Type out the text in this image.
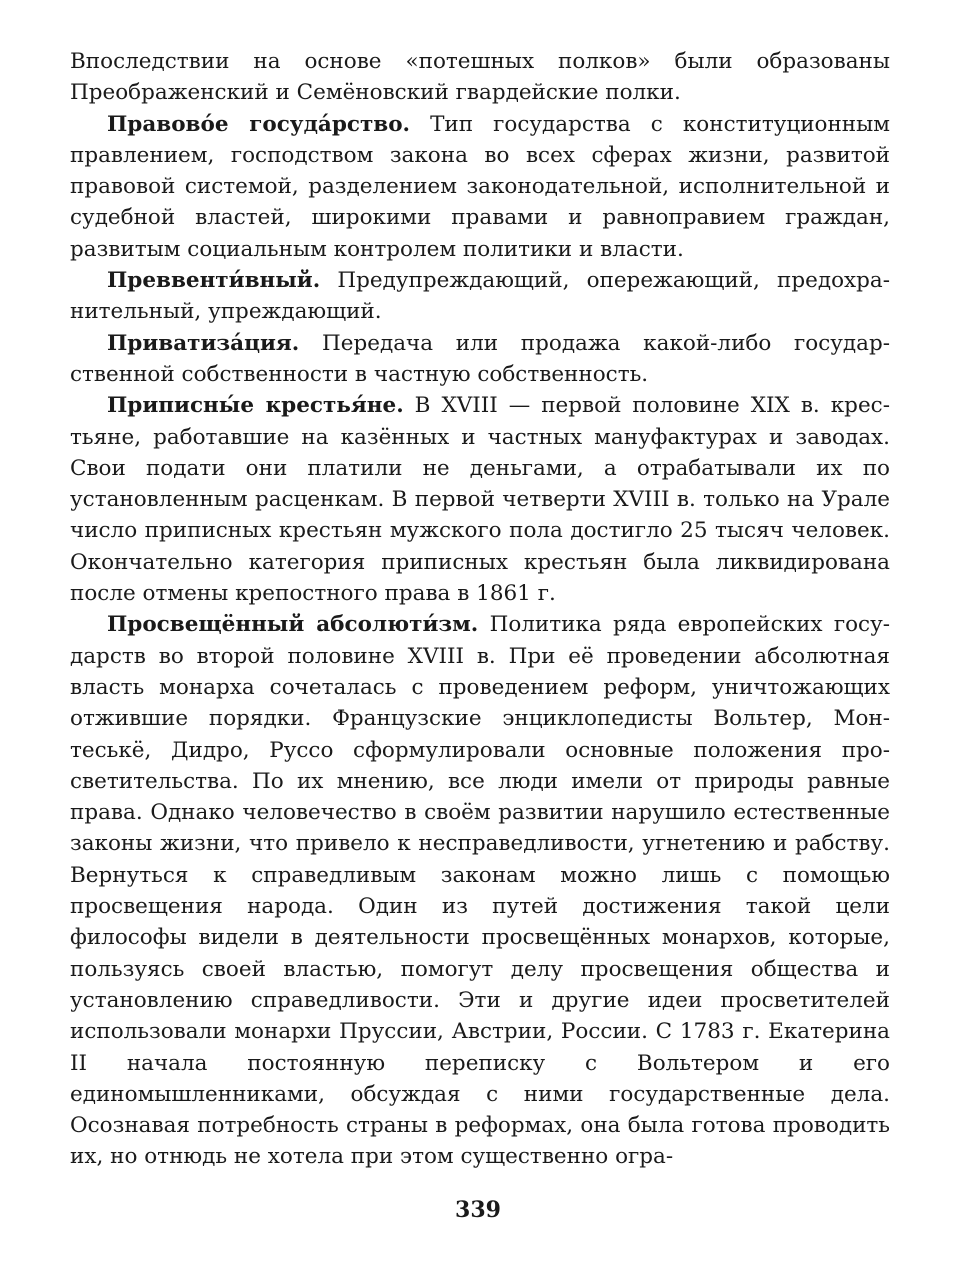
Впоследствии на основе «потешных полков» были образованы Преображенский и Семёновский гвардейские полки.

Правово́е госуда́рство. Тип государства с конституционным правлением, господством закона во всех сферах жизни, развитой правовой системой, разделением законодательной, исполнительной и судебной властей, широкими правами и равноправием граждан, развитым социальным контролем политики и власти.

Преввенти́вный. Предупреждающий, опережающий, предохранительный, упреждающий.

Приватиза́ция. Передача или продажа какой-либо государственной собственности в частную собственность.

Приписны́е крестья́не. В XVIII — первой половине XIX в. крестьяне, работавшие на казённых и частных мануфактурах и заводах. Свои подати они платили не деньгами, а отрабатывали их по установленным расценкам. В первой четверти XVIII в. только на Урале число приписных крестьян мужского пола достигло 25 тысяч человек. Окончательно категория приписных крестьян была ликвидирована после отмены крепостного права в 1861 г.

Просвещённый абсолюти́зм. Политика ряда европейских государств во второй половине XVIII в. При её проведении абсолютная власть монарха сочеталась с проведением реформ, уничтожающих отжившие порядки. Французские энциклопедисты Вольтер, Монтеськё, Дидро, Руссо сформулировали основные положения просветительства. По их мнению, все люди имели от природы равные права. Однако человечество в своём развитии нарушило естественные законы жизни, что привело к несправедливости, угнетению и рабству. Вернуться к справедливым законам можно лишь с помощью просвещения народа. Один из путей достижения такой цели философы видели в деятельности просвещённых монархов, которые, пользуясь своей властью, помогут делу просвещения общества и установлению справедливости. Эти и другие идеи просветителей использовали монархи Пруссии, Австрии, России. С 1783 г. Екатерина II начала постоянную переписку с Вольтером и его единомышленниками, обсуждая с ними государственные дела. Осознавая потребность страны в реформах, она была готова проводить их, но отнюдь не хотела при этом существенно огра-

339
